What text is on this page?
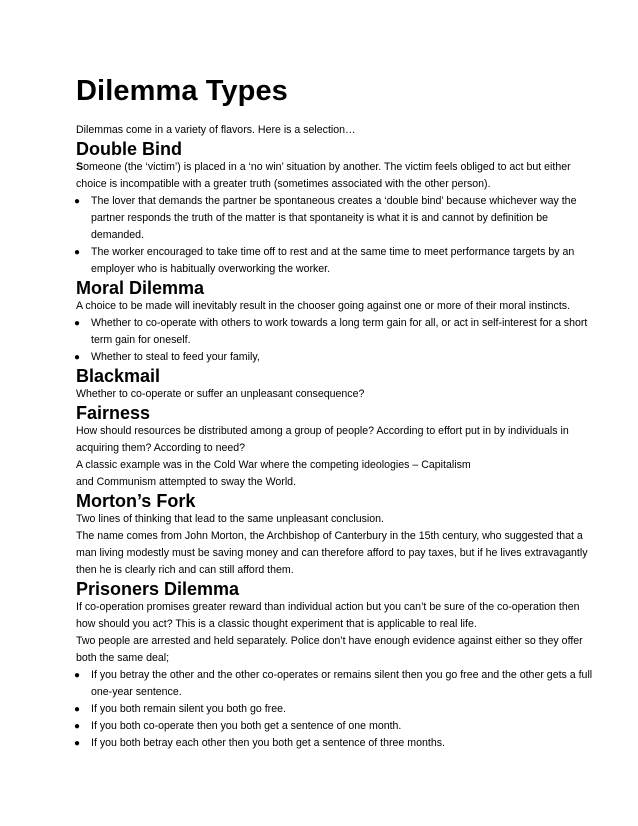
Dilemma Types

Dilemmas come in a variety of flavors. Here is a selection…

Double Bind

Someone (the ‘victim’) is placed in a ‘no win’ situation by another. The victim feels obliged to act but either choice is incompatible with a greater truth (sometimes associated with the other person).

● The lover that demands the partner be spontaneous creates a ‘double bind’ because whichever way the partner responds the truth of the matter is that spontaneity is what it is and cannot by definition be demanded.
● The worker encouraged to take time off to rest and at the same time to meet performance targets by an employer who is habitually overworking the worker.
Moral Dilemma

A choice to be made will inevitably result in the chooser going against one or more of their moral instincts.

● Whether to co-operate with others to work towards a long term gain for all, or act in self-interest for a short term gain for oneself.
● Whether to steal to feed your family,
Blackmail

Whether to co-operate or suffer an unpleasant consequence?

Fairness

How should resources be distributed among a group of people? According to effort put in by individuals in acquiring them? According to need?

A classic example was in the Cold War where the competing ideologies – Capitalism

and Communism attempted to sway the World.

Morton’s Fork

Two lines of thinking that lead to the same unpleasant conclusion.

The name comes from John Morton, the Archbishop of Canterbury in the 15th century, who suggested that a man living modestly must be saving money and can therefore afford to pay taxes, but if he lives extravagantly then he is clearly rich and can still afford them.

Prisoners Dilemma

If co-operation promises greater reward than individual action but you can’t be sure of the co-operation then how should you act? This is a classic thought experiment that is applicable to real life.

Two people are arrested and held separately. Police don’t have enough evidence against either so they offer both the same deal;

● If you betray the other and the other co-operates or remains silent then you go free and the other gets a full one-year sentence.
● If you both remain silent you both go free.
● If you both co-operate then you both get a sentence of one month.
● If you both betray each other then you both get a sentence of three months.
